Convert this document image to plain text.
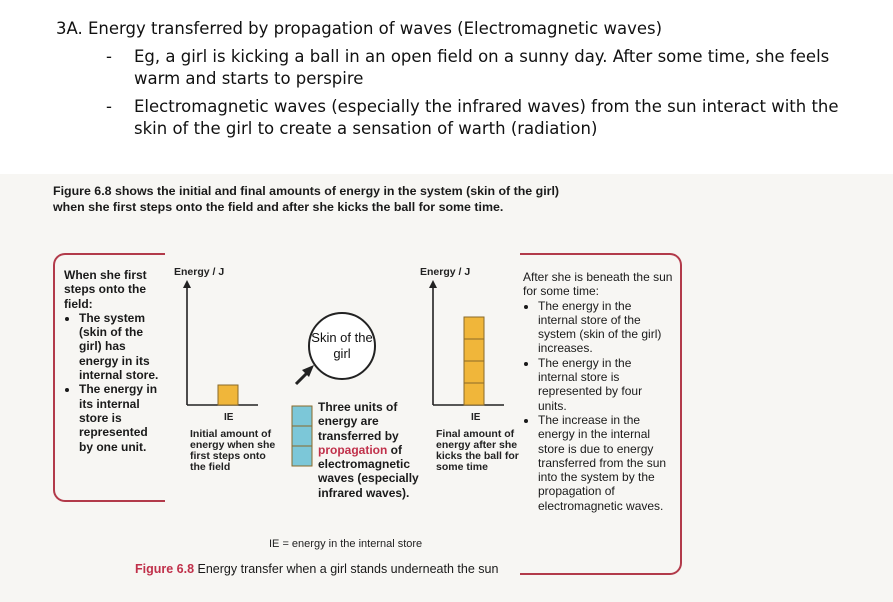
3A. Energy transferred by propagation of waves (Electromagnetic waves)
- Eg, a girl is kicking a ball in an open field on a sunny day. After some time, she feels warm and starts to perspire
- Electromagnetic waves (especially the infrared waves) from the sun interact with the skin of the girl to create a sensation of warth (radiation)
Figure 6.8 shows the initial and final amounts of energy in the system (skin of the girl) when she first steps onto the field and after she kicks the ball for some time.
When she first steps onto the field:
• The system (skin of the girl) has energy in its internal store.
• The energy in its internal store is represented by one unit.
After she is beneath the sun for some time:
• The energy in the internal store of the system (skin of the girl) increases.
• The energy in the internal store is represented by four units.
• The increase in the energy in the internal store is due to energy transferred from the sun into the system by the propagation of electromagnetic waves.
Energy / J
IE
Initial amount of energy when she first steps onto the field
Skin of the girl
Three units of energy are transferred by propagation of electromagnetic waves (especially infrared waves).
Energy / J
IE
Final amount of energy after she kicks the ball for some time
IE = energy in the internal store
Figure 6.8 Energy transfer when a girl stands underneath the sun
